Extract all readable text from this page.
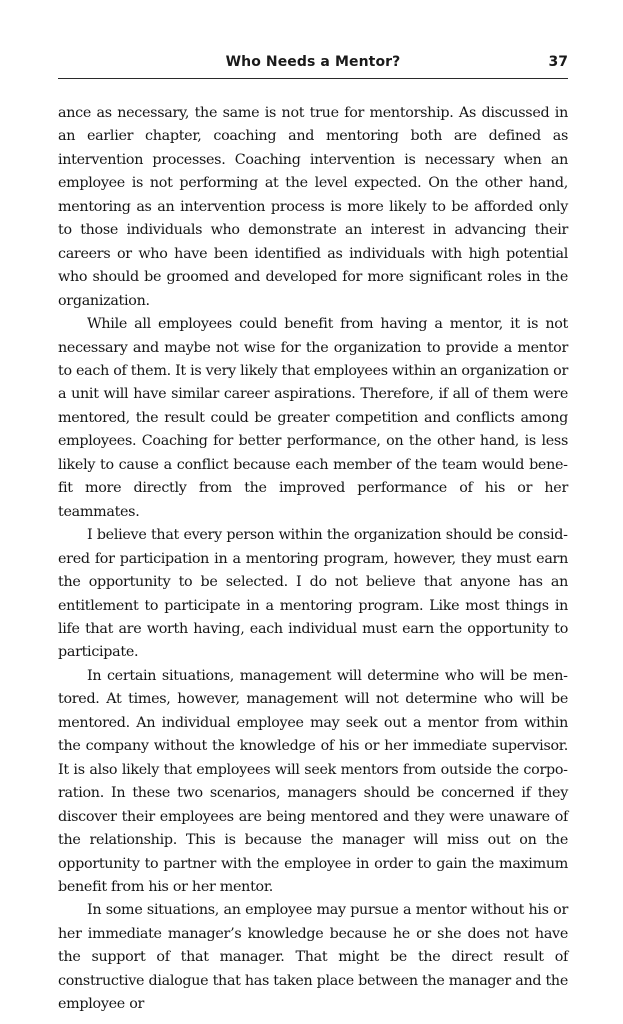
Who Needs a Mentor?	37

ance as necessary, the same is not true for mentorship. As discussed in an earlier chapter, coaching and mentoring both are defined as intervention processes. Coaching intervention is necessary when an employee is not performing at the level expected. On the other hand, mentoring as an intervention process is more likely to be afforded only to those individuals who demonstrate an interest in advancing their careers or who have been identified as individuals with high potential who should be groomed and developed for more significant roles in the organization.

While all employees could benefit from having a mentor, it is not necessary and maybe not wise for the organization to provide a mentor to each of them. It is very likely that employees within an organization or a unit will have similar career aspirations. Therefore, if all of them were mentored, the result could be greater competition and conflicts among employees. Coaching for better performance, on the other hand, is less likely to cause a conflict because each member of the team would benefit more directly from the improved performance of his or her teammates.

I believe that every person within the organization should be considered for participation in a mentoring program, however, they must earn the opportunity to be selected. I do not believe that anyone has an entitlement to participate in a mentoring program. Like most things in life that are worth having, each individual must earn the opportunity to participate.

In certain situations, management will determine who will be mentored. At times, however, management will not determine who will be mentored. An individual employee may seek out a mentor from within the company without the knowledge of his or her immediate supervisor. It is also likely that employees will seek mentors from outside the corporation. In these two scenarios, managers should be concerned if they discover their employees are being mentored and they were unaware of the relationship. This is because the manager will miss out on the opportunity to partner with the employee in order to gain the maximum benefit from his or her mentor.

In some situations, an employee may pursue a mentor without his or her immediate manager’s knowledge because he or she does not have the support of that manager. That might be the direct result of constructive dialogue that has taken place between the manager and the employee or
